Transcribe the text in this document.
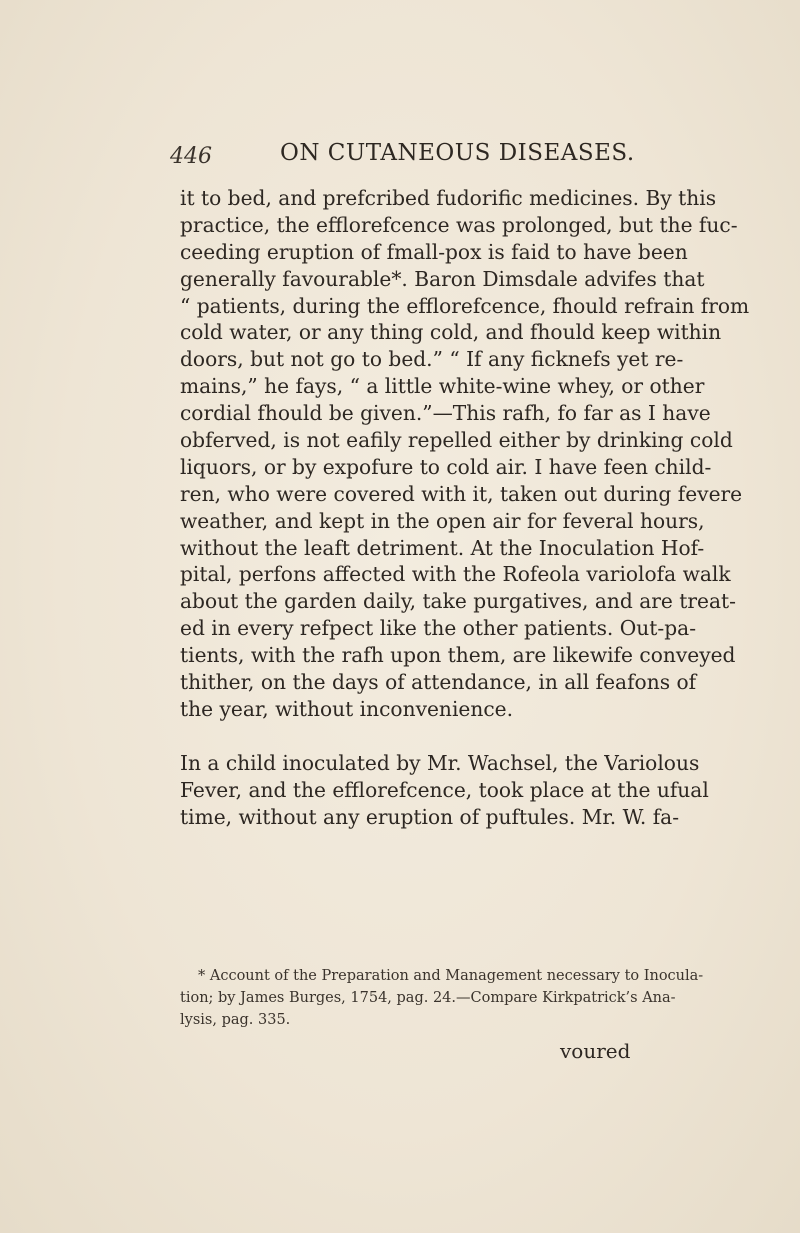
446	ON CUTANEOUS DISEASES.
it to bed, and prefcribed fudorific medicines. By this
practice, the efflorefcence was prolonged, but the fuc-
ceeding eruption of fmall-pox is faid to have been
generally favourable*. Baron Dimsdale advifes that
“ patients, during the efflorefcence, fhould refrain from
cold water, or any thing cold, and fhould keep within
doors, but not go to bed.” “ If any ficknefs yet re-
mains,” he fays, “ a little white-wine whey, or other
cordial fhould be given.”—This rafh, fo far as I have
obferved, is not eafily repelled either by drinking cold
liquors, or by expofure to cold air. I have feen child-
ren, who were covered with it, taken out during fevere
weather, and kept in the open air for feveral hours,
without the leaft detriment. At the Inoculation Hof-
pital, perfons affected with the Rofeola variolofa walk
about the garden daily, take purgatives, and are treat-
ed in every refpect like the other patients. Out-pa-
tients, with the rafh upon them, are likewife conveyed
thither, on the days of attendance, in all feafons of
the year, without inconvenience.
In a child inoculated by Mr. Wachsel, the Variolous
Fever, and the efflorefcence, took place at the ufual
time, without any eruption of puftules. Mr. W. fa-
* Account of the Preparation and Management necessary to Inocula-
tion; by James Burges, 1754, pag. 24.—Compare Kirkpatrick’s Ana-
lysis, pag. 335.
voured
